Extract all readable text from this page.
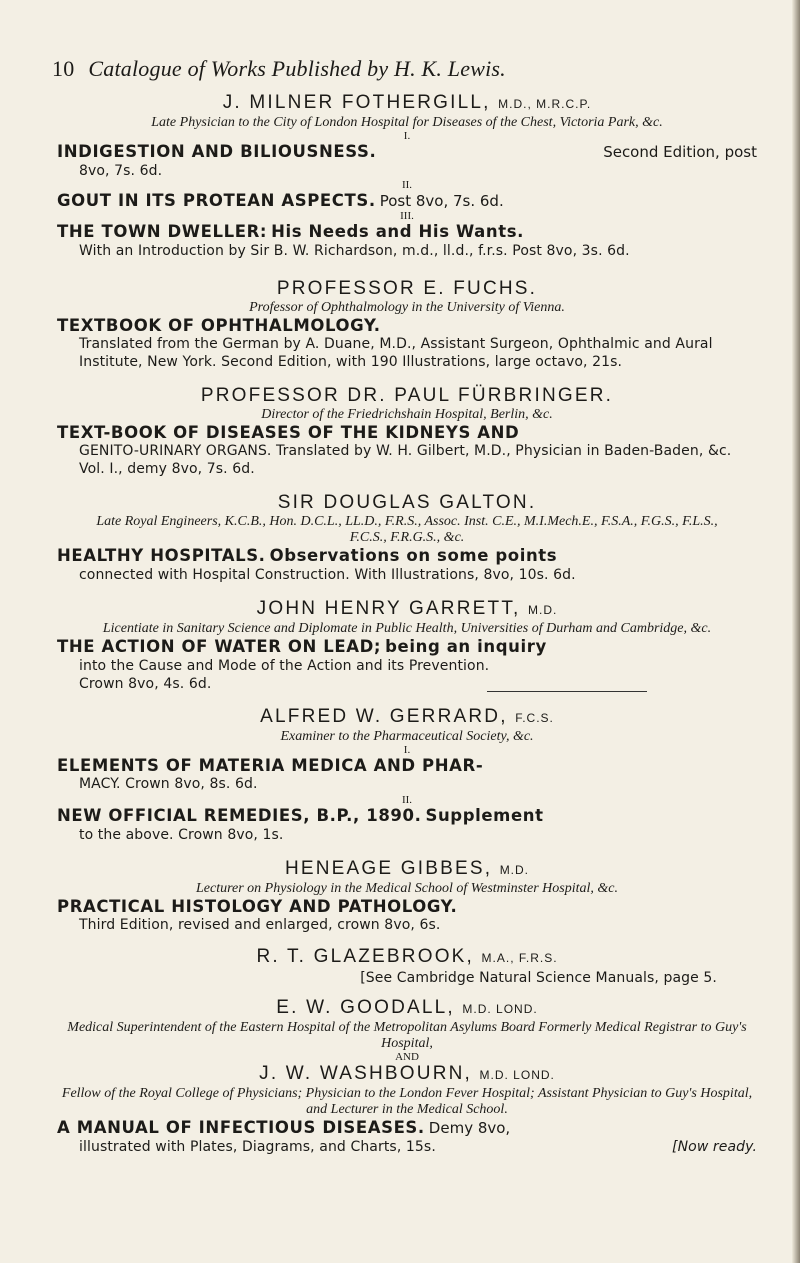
10 Catalogue of Works Published by H. K. Lewis.
J. MILNER FOTHERGILL, M.D., M.R.C.P.
Late Physician to the City of London Hospital for Diseases of the Chest, Victoria Park, &c.
I.
INDIGESTION AND BILIOUSNESS.	Second Edition, post
8vo, 7s. 6d.
II.
GOUT IN ITS PROTEAN ASPECTS. Post 8vo, 7s. 6d.
III.
THE TOWN DWELLER: His Needs and His Wants.
With an Introduction by Sir B. W. Richardson, m.d., ll.d., f.r.s. Post 8vo, 3s. 6d.
PROFESSOR E. FUCHS.
Professor of Ophthalmology in the University of Vienna.
TEXTBOOK OF OPHTHALMOLOGY.
Translated from the German by A. Duane, M.D., Assistant Surgeon, Ophthalmic and Aural Institute, New York. Second Edition, with 190 Illustrations, large octavo, 21s.
PROFESSOR DR. PAUL FÜRBRINGER.
Director of the Friedrichshain Hospital, Berlin, &c.
TEXT-BOOK OF DISEASES OF THE KIDNEYS AND
GENITO-URINARY ORGANS. Translated by W. H. Gilbert, M.D., Physician in Baden-Baden, &c. Vol. I., demy 8vo, 7s. 6d.
SIR DOUGLAS GALTON.
Late Royal Engineers, K.C.B., Hon. D.C.L., LL.D., F.R.S., Assoc. Inst. C.E., M.I.Mech.E., F.S.A., F.G.S., F.L.S., F.C.S., F.R.G.S., &c.
HEALTHY HOSPITALS. Observations on some points
connected with Hospital Construction. With Illustrations, 8vo, 10s. 6d.
JOHN HENRY GARRETT, M.D.
Licentiate in Sanitary Science and Diplomate in Public Health, Universities of Durham and Cambridge, &c.
THE ACTION OF WATER ON LEAD; being an inquiry
into the Cause and Mode of the Action and its Prevention. Crown 8vo, 4s. 6d.
ALFRED W. GERRARD, F.C.S.
Examiner to the Pharmaceutical Society, &c.
I.
ELEMENTS OF MATERIA MEDICA AND PHAR-
MACY. Crown 8vo, 8s. 6d.
II.
NEW OFFICIAL REMEDIES, B.P., 1890. Supplement
to the above. Crown 8vo, 1s.
HENEAGE GIBBES, M.D.
Lecturer on Physiology in the Medical School of Westminster Hospital, &c.
PRACTICAL HISTOLOGY AND PATHOLOGY.
Third Edition, revised and enlarged, crown 8vo, 6s.
R. T. GLAZEBROOK, M.A., F.R.S.
[See Cambridge Natural Science Manuals, page 5.
E. W. GOODALL, M.D. LOND.
Medical Superintendent of the Eastern Hospital of the Metropolitan Asylums Board Formerly Medical Registrar to Guy's Hospital,
AND
J. W. WASHBOURN, M.D. LOND.
Fellow of the Royal College of Physicians; Physician to the London Fever Hospital; Assistant Physician to Guy's Hospital, and Lecturer in the Medical School.
A MANUAL OF INFECTIOUS DISEASES. Demy 8vo,
illustrated with Plates, Diagrams, and Charts, 15s.	[Now ready.
